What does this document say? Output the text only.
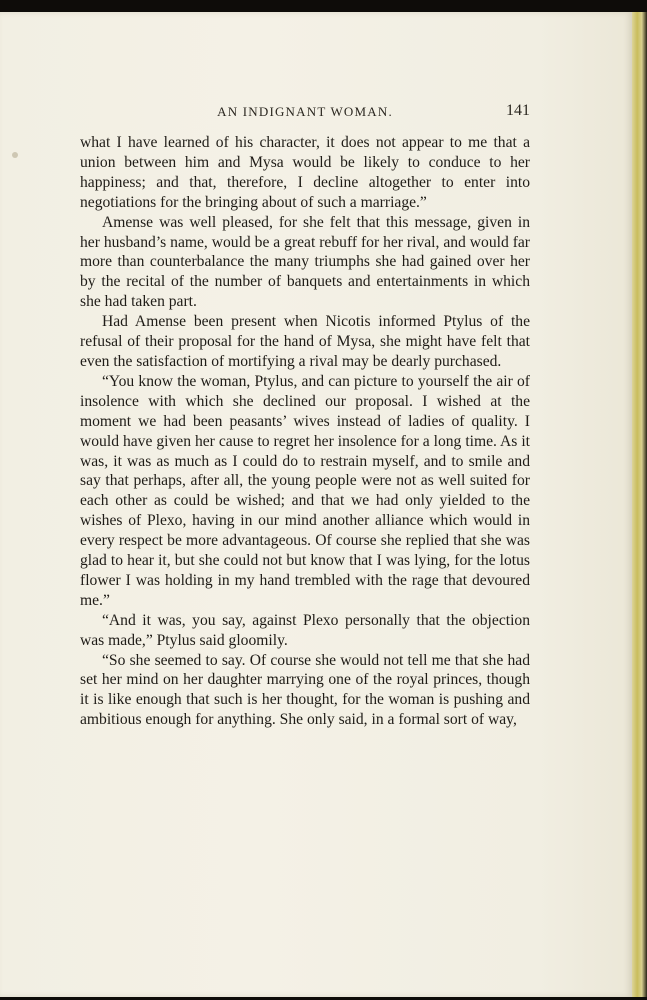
AN INDIGNANT WOMAN.	141

what I have learned of his character, it does not appear to me that a union between him and Mysa would be likely to conduce to her happiness; and that, therefore, I decline altogether to enter into negotiations for the bringing about of such a marriage.”

Amense was well pleased, for she felt that this message, given in her husband’s name, would be a great rebuff for her rival, and would far more than counterbalance the many triumphs she had gained over her by the recital of the number of banquets and entertainments in which she had taken part.

Had Amense been present when Nicotis informed Ptylus of the refusal of their proposal for the hand of Mysa, she might have felt that even the satisfaction of mortifying a rival may be dearly purchased.

“You know the woman, Ptylus, and can picture to yourself the air of insolence with which she declined our proposal. I wished at the moment we had been peasants’ wives instead of ladies of quality. I would have given her cause to regret her insolence for a long time. As it was, it was as much as I could do to restrain myself, and to smile and say that perhaps, after all, the young people were not as well suited for each other as could be wished; and that we had only yielded to the wishes of Plexo, having in our mind another alliance which would in every respect be more advantageous. Of course she replied that she was glad to hear it, but she could not but know that I was lying, for the lotus flower I was holding in my hand trembled with the rage that devoured me.”

“And it was, you say, against Plexo personally that the objection was made,” Ptylus said gloomily.

“So she seemed to say. Of course she would not tell me that she had set her mind on her daughter marrying one of the royal princes, though it is like enough that such is her thought, for the woman is pushing and ambitious enough for anything. She only said, in a formal sort of way,
